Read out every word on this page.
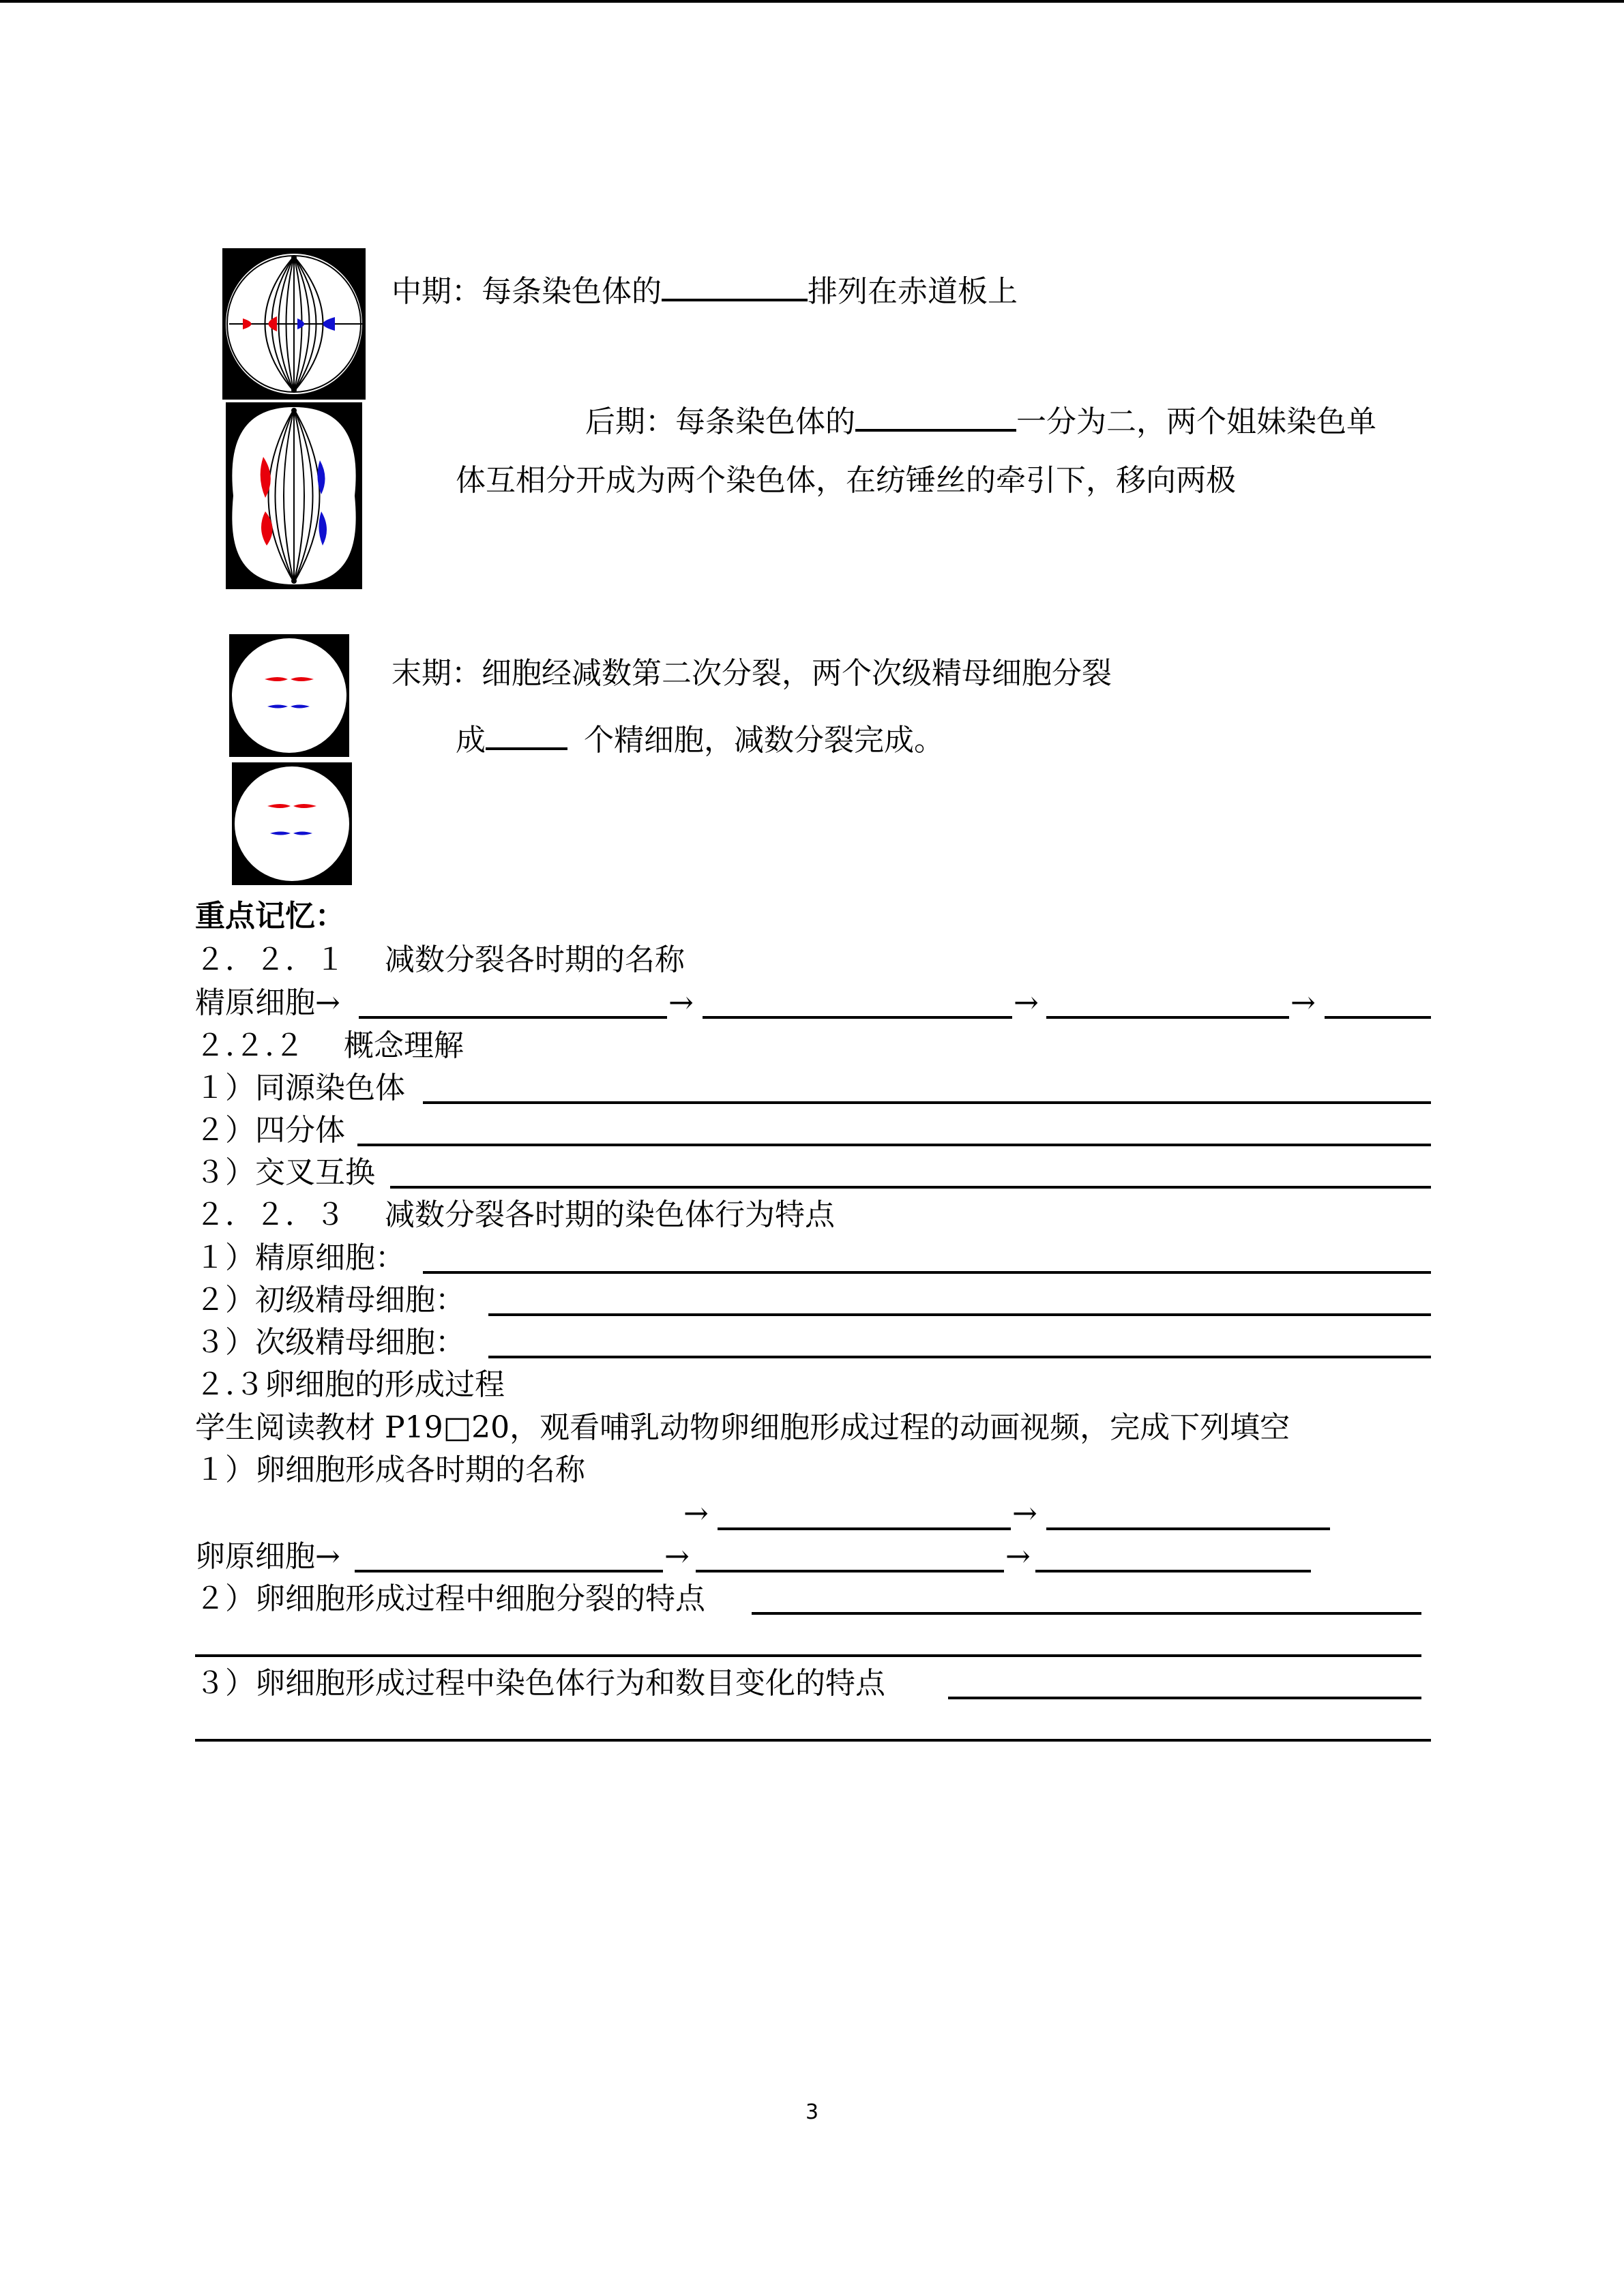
中期：每条染色体的	排列在赤道板上
后期：每条染色体的	一分为二，两个姐妹染色单
体互相分开成为两个染色体，在纺锤丝的牵引下，移向两极
末期：细胞经减数第二次分裂，两个次级精母细胞分裂
成	个精细胞，减数分裂完成。
重点记忆：
２．２．１　 减数分裂各时期的名称
精原细胞→	→	→	→
２.２.２　 概念理解
１）同源染色体
２）四分体
３）交叉互换
２．２．３　 减数分裂各时期的染色体行为特点
１）精原细胞：
２）初级精母细胞：
３）次级精母细胞：
２.３卵细胞的形成过程
学生阅读教材 P19□20，观看哺乳动物卵细胞形成过程的动画视频，完成下列填空
１）卵细胞形成各时期的名称
→	→
卵原细胞→	→	→
２）卵细胞形成过程中细胞分裂的特点
３）卵细胞形成过程中染色体行为和数目变化的特点
3
